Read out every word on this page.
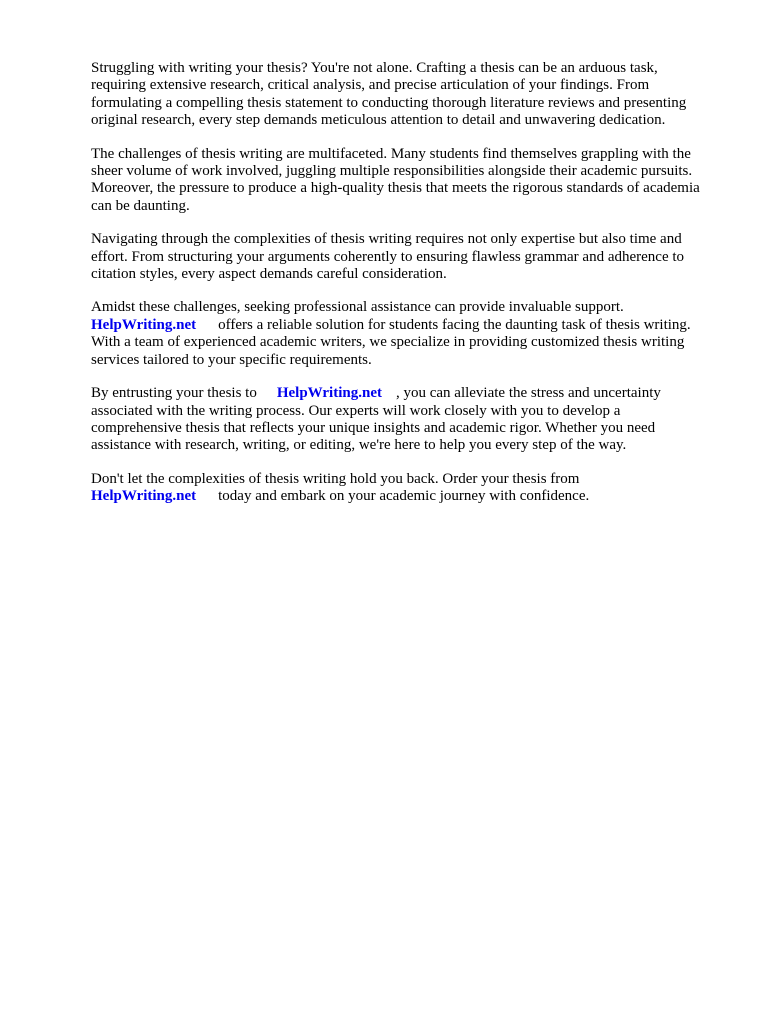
Struggling with writing your thesis? You're not alone. Crafting a thesis can be an arduous task,
requiring extensive research, critical analysis, and precise articulation of your findings. From
formulating a compelling thesis statement to conducting thorough literature reviews and presenting
original research, every step demands meticulous attention to detail and unwavering dedication.

The challenges of thesis writing are multifaceted. Many students find themselves grappling with the
sheer volume of work involved, juggling multiple responsibilities alongside their academic pursuits.
Moreover, the pressure to produce a high-quality thesis that meets the rigorous standards of academia
can be daunting.

Navigating through the complexities of thesis writing requires not only expertise but also time and
effort. From structuring your arguments coherently to ensuring flawless grammar and adherence to
citation styles, every aspect demands careful consideration.

Amidst these challenges, seeking professional assistance can provide invaluable support.
HelpWriting.net offers a reliable solution for students facing the daunting task of thesis writing.
With a team of experienced academic writers, we specialize in providing customized thesis writing
services tailored to your specific requirements.

By entrusting your thesis to HelpWriting.net , you can alleviate the stress and uncertainty
associated with the writing process. Our experts will work closely with you to develop a
comprehensive thesis that reflects your unique insights and academic rigor. Whether you need
assistance with research, writing, or editing, we're here to help you every step of the way.

Don't let the complexities of thesis writing hold you back. Order your thesis from
HelpWriting.net today and embark on your academic journey with confidence.
